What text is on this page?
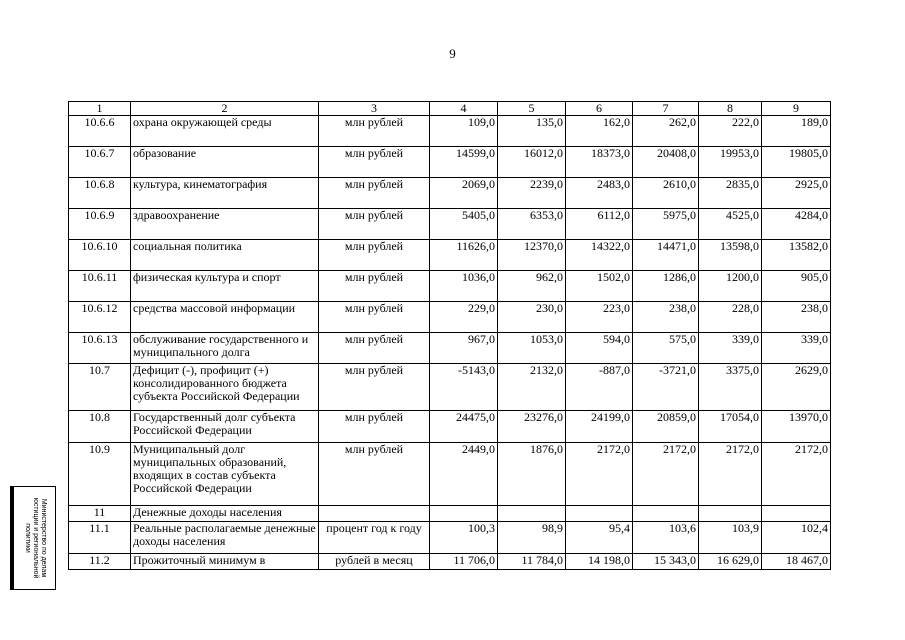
9
1	2	3	4	5	6	7	8	9
10.6.6	охрана окружающей среды	млн рублей	109,0	135,0	162,0	262,0	222,0	189,0
10.6.7	образование	млн рублей	14599,0	16012,0	18373,0	20408,0	19953,0	19805,0
10.6.8	культура, кинематография	млн рублей	2069,0	2239,0	2483,0	2610,0	2835,0	2925,0
10.6.9	здравоохранение	млн рублей	5405,0	6353,0	6112,0	5975,0	4525,0	4284,0
10.6.10	социальная политика	млн рублей	11626,0	12370,0	14322,0	14471,0	13598,0	13582,0
10.6.11	физическая культура и спорт	млн рублей	1036,0	962,0	1502,0	1286,0	1200,0	905,0
10.6.12	средства массовой информации	млн рублей	229,0	230,0	223,0	238,0	228,0	238,0
10.6.13	обслуживание государственного и муниципального долга	млн рублей	967,0	1053,0	594,0	575,0	339,0	339,0
10.7	Дефицит (-), профицит (+) консолидированного бюджета субъекта Российской Федерации	млн рублей	-5143,0	2132,0	-887,0	-3721,0	3375,0	2629,0
10.8	Государственный долг субъекта Российской Федерации	млн рублей	24475,0	23276,0	24199,0	20859,0	17054,0	13970,0
10.9	Муниципальный долг муниципальных образований, входящих в состав субъекта Российской Федерации	млн рублей	2449,0	1876,0	2172,0	2172,0	2172,0	2172,0
11	Денежные доходы населения							
11.1	Реальные располагаемые денежные доходы населения	процент год к году	100,3	98,9	95,4	103,6	103,9	102,4
11.2	Прожиточный минимум в	рублей в месяц	11 706,0	11 784,0	14 198,0	15 343,0	16 629,0	18 467,0
Министерство по делам юстиции и региональной политики
